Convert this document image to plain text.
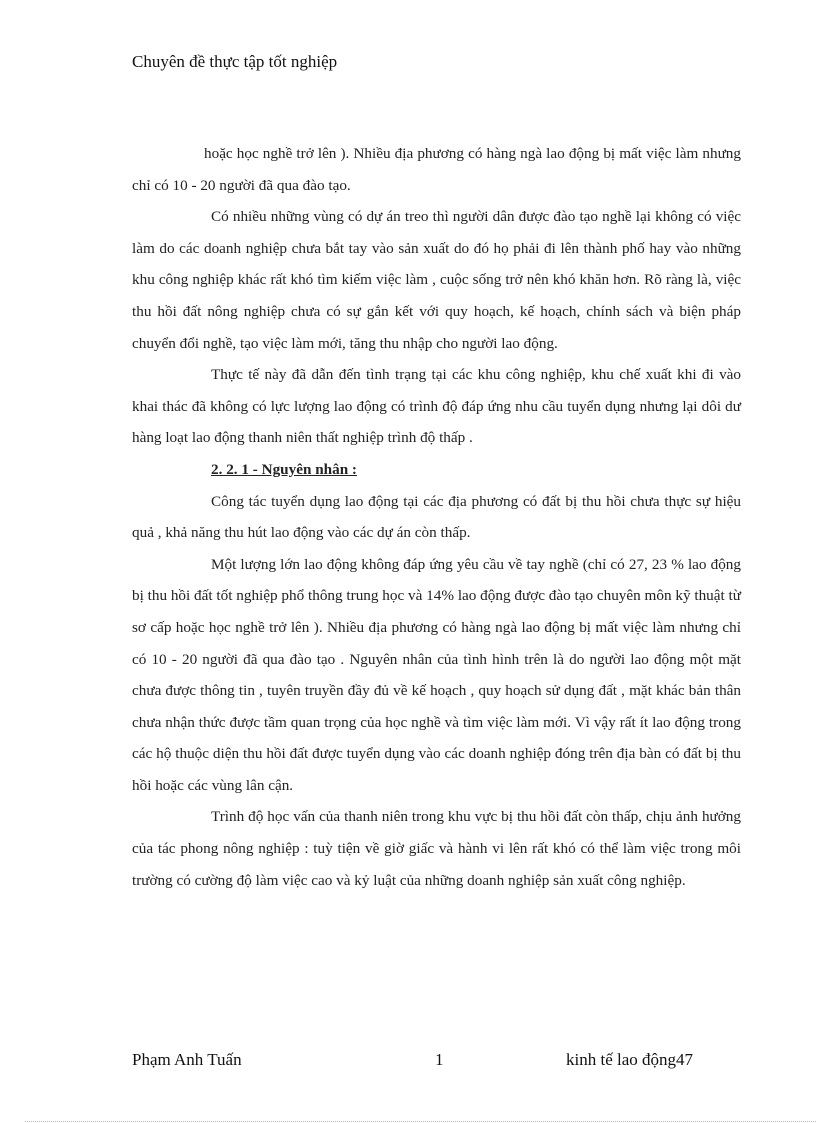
Chuyên đề thực tập tốt nghiệp

hoặc học nghề trở lên ). Nhiều địa phương có hàng ngà lao động bị mất việc làm nhưng chỉ có 10 - 20 người đã qua đào tạo.

Có nhiều những vùng có dự án treo thì người dân được đào tạo nghề lại không có việc làm do các doanh nghiệp chưa bắt tay vào sản xuất do đó họ phải đi lên thành phố hay vào những khu công nghiệp khác rất khó tìm kiếm việc làm , cuộc sống trở nên khó khăn hơn. Rõ ràng là, việc thu hồi đất nông nghiệp chưa có sự gắn kết với quy hoạch, kế hoạch, chính sách và biện pháp chuyển đổi nghề, tạo việc làm mới, tăng thu nhập cho người lao động.

Thực tế này đã dẫn đến tình trạng tại các khu công nghiệp, khu chế xuất khi đi vào khai thác đã không có lực lượng lao động có trình độ đáp ứng nhu cầu tuyển dụng nhưng lại dôi dư hàng loạt lao động thanh niên thất nghiệp trình độ thấp .

2. 2. 1 - Nguyên nhân :

Công tác tuyển dụng lao động tại các địa phương có đất bị thu hồi chưa thực sự hiệu quả , khả năng thu hút lao động vào các dự án còn thấp.

Một lượng lớn lao động không đáp ứng yêu cầu về tay nghề (chỉ có 27, 23 % lao động bị thu hồi đất tốt nghiệp phổ thông trung học và 14% lao động được đào tạo chuyên môn kỹ thuật từ sơ cấp hoặc học nghề trở lên ). Nhiều địa phương có hàng ngà lao động bị mất việc làm nhưng chỉ có 10 - 20 người đã qua đào tạo . Nguyên nhân của tình hình trên là do người lao động một mặt chưa được thông tin , tuyên truyền đầy đủ về kế hoạch , quy hoạch sử dụng đất , mặt khác bản thân chưa nhận thức được tầm quan trọng của học nghề và tìm việc làm mới. Vì vậy rất ít lao động trong các hộ thuộc diện thu hồi đất được tuyển dụng vào các doanh nghiệp đóng trên địa bàn có đất bị thu hồi hoặc các vùng lân cận.

Trình độ học vấn của thanh niên trong khu vực bị thu hồi đất còn thấp, chịu ảnh hưởng của tác phong nông nghiệp : tuỳ tiện về giờ giấc và hành vi lên rất khó có thể làm việc trong môi trường có cường độ làm việc cao và kỷ luật của những doanh nghiệp sản xuất công nghiệp.

Phạm Anh Tuấn	1	kinh tế lao động47
